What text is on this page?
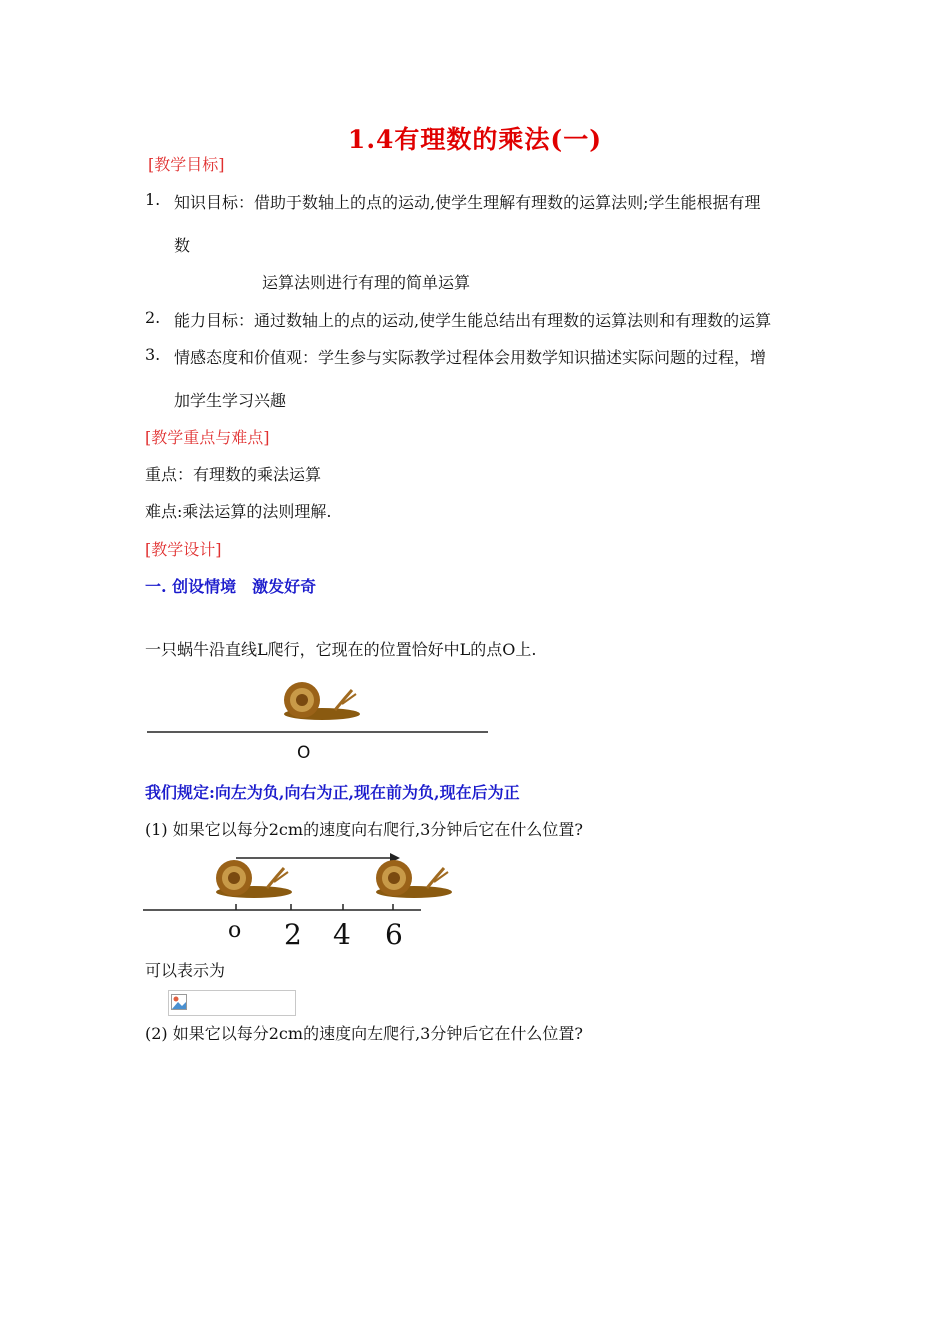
1.4有理数的乘法(一)
[教学目标]
1. 知识目标：借助于数轴上的点的运动,使学生理解有理数的运算法则;学生能根据有理
数
运算法则进行有理的简单运算
2. 能力目标：通过数轴上的点的运动,使学生能总结出有理数的运算法则和有理数的运算
3. 情感态度和价值观：学生参与实际教学过程体会用数学知识描述实际问题的过程，增
加学生学习兴趣
[教学重点与难点]
重点：有理数的乘法运算
难点:乘法运算的法则理解.
[教学设计]
一. 创设情境　激发好奇
一只蜗牛沿直线L爬行，它现在的位置恰好中L的点O上.
O
我们规定:向左为负,向右为正,现在前为负,现在后为正
(1) 如果它以每分2cm的速度向右爬行,3分钟后它在什么位置?
o 2 4 6
可以表示为
(2) 如果它以每分2cm的速度向左爬行,3分钟后它在什么位置?
